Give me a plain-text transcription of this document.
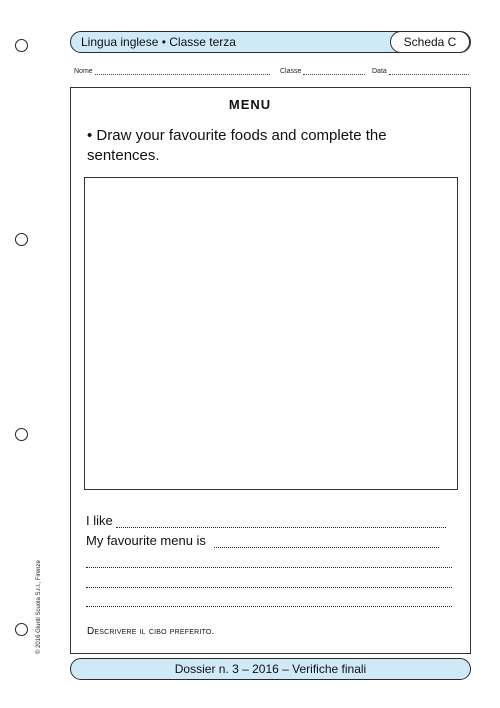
Lingua inglese • Classe terza	Scheda C
Nome	Classe	Data
MENU
• Draw your favourite foods and complete the sentences.
I like
My favourite menu is
Descrivere il cibo preferito.
© 2016 Giunti Scuola S.r.l., Firenze
Dossier n. 3 – 2016 – Verifiche finali
